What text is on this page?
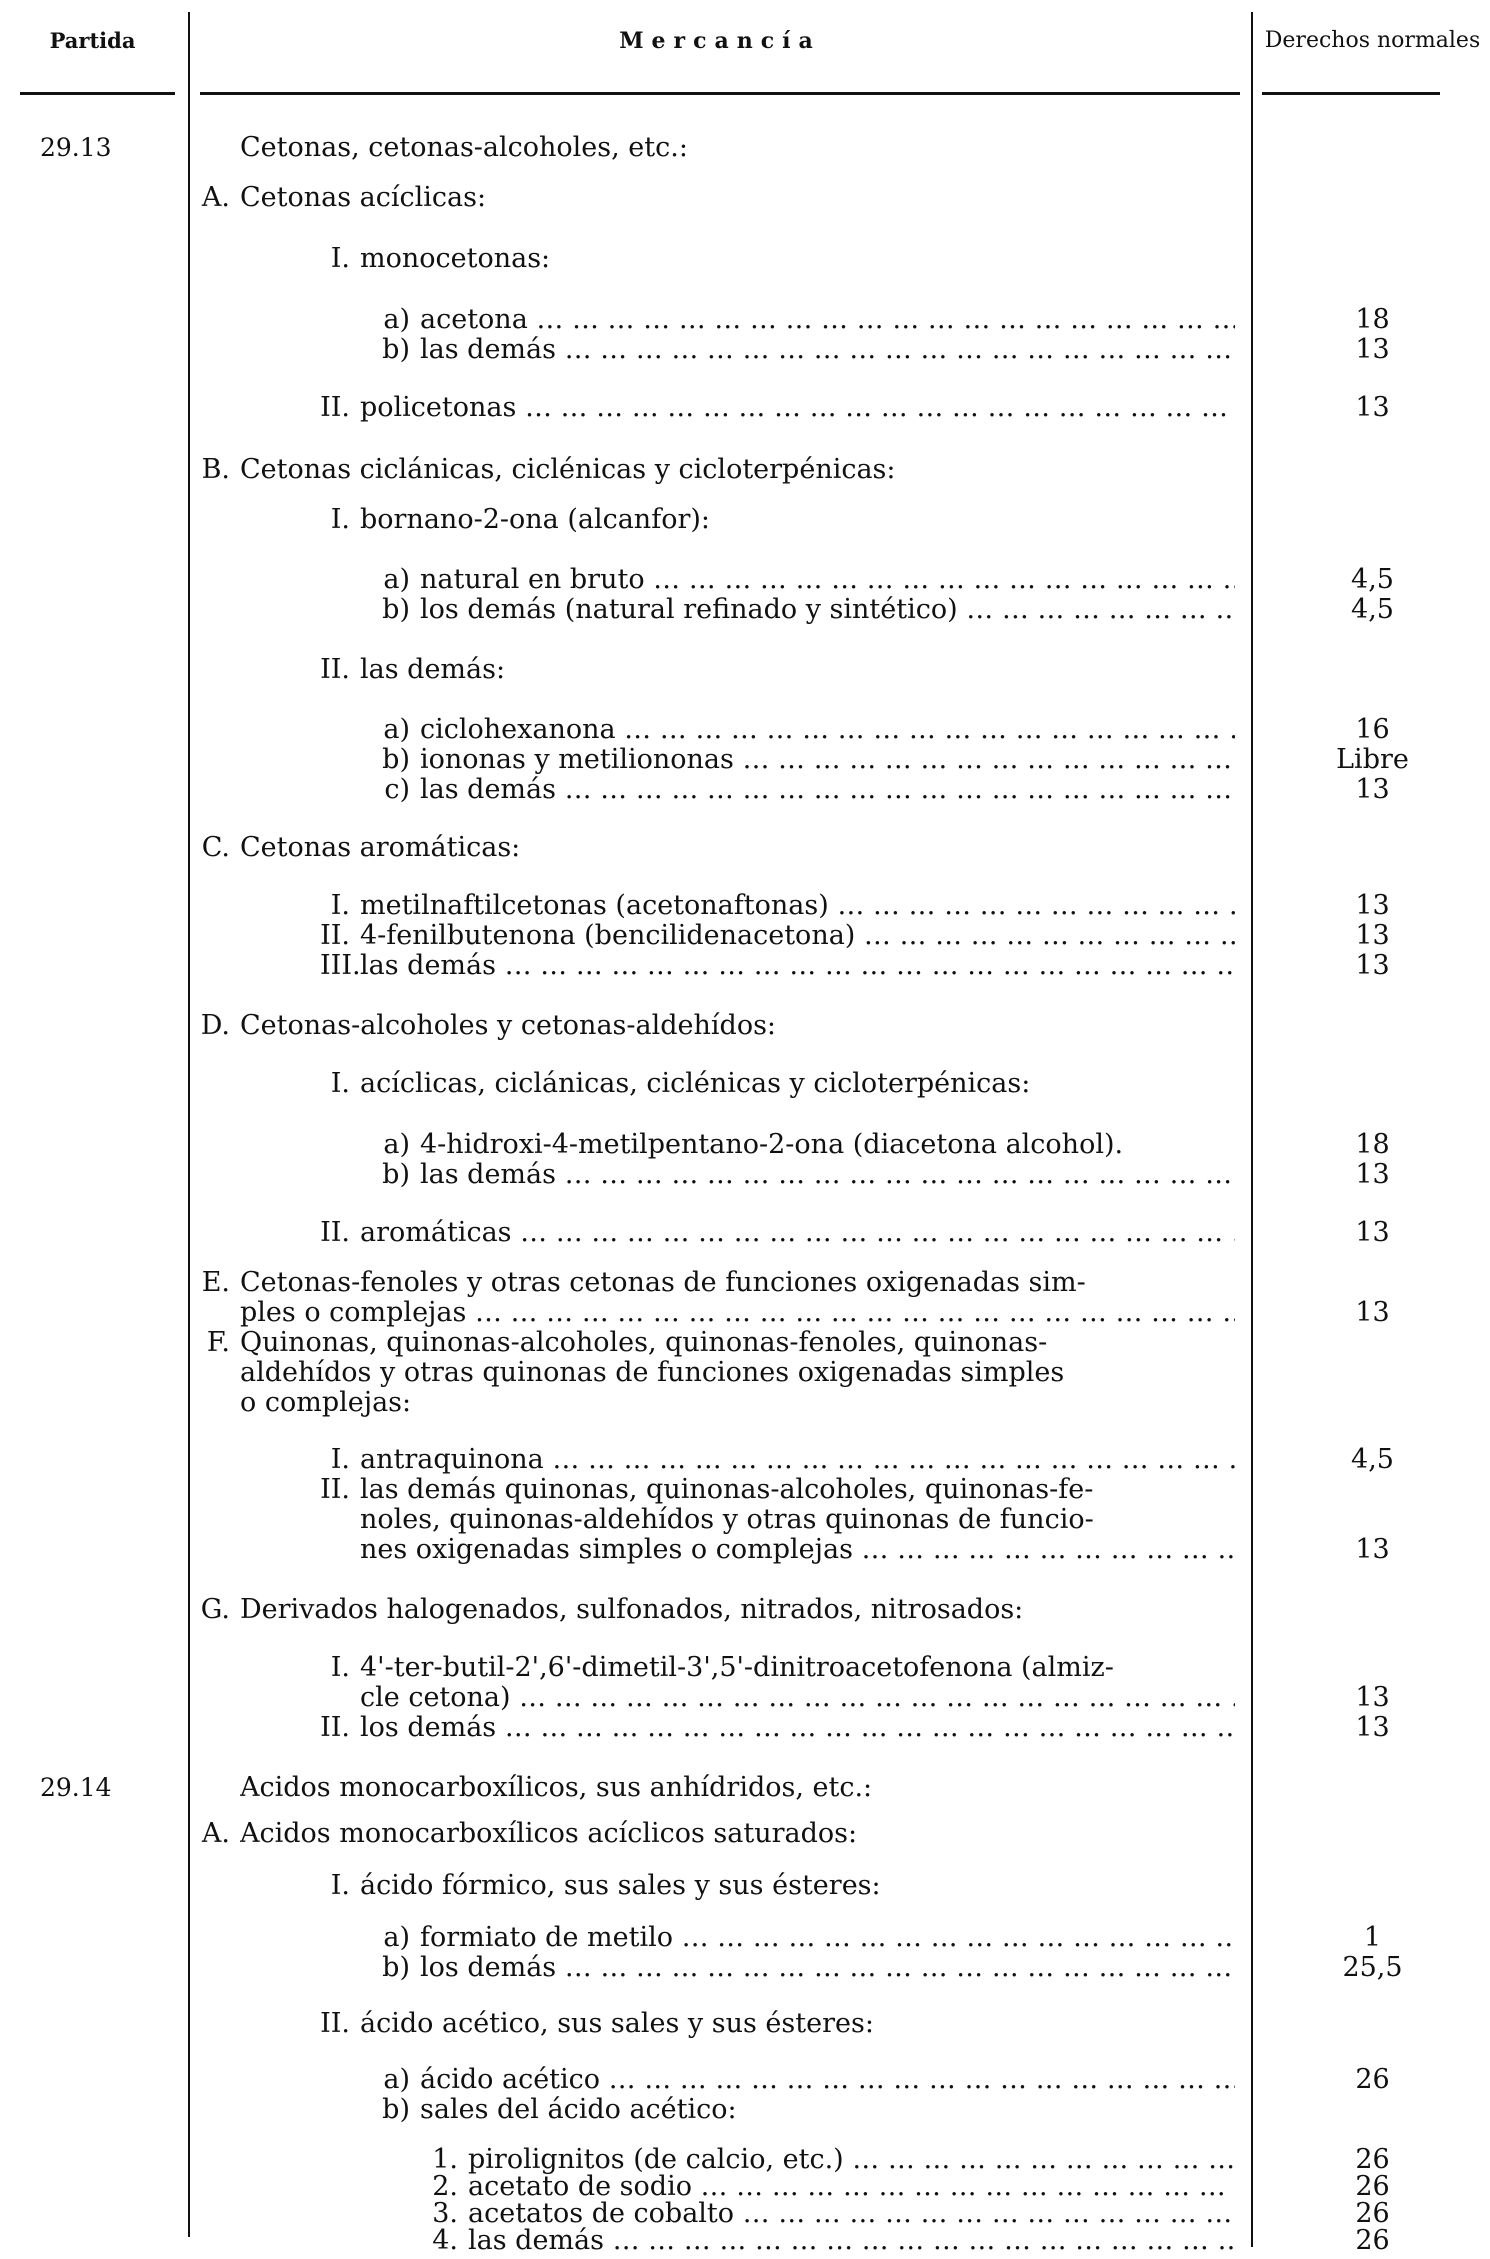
Partida	Mercancía	Derechos normales
29.13	Cetonas, cetonas-alcoholes, etc.:
A. Cetonas acíclicas:
I. monocetonas:
a) acetona … … … … … … … … … … … … … … … … … … … … … … … … … … … … … … … … … … … … … … … … … … … … … … … …	18
b) las demás … … … … … … … … … … … … … … … … … … … … … … … … … … … … … … … … … … … … … … … … … … … … … … … …	13
II. policetonas … … … … … … … … … … … … … … … … … … … … … … … … … … … … … … … … … … … … … … … … … … … … … … … …	13
B. Cetonas ciclánicas, ciclénicas y cicloterpénicas:
I. bornano-2-ona (alcanfor):
a) natural en bruto … … … … … … … … … … … … … … … … … … … … … … … … … … … … … … … … … … … … … … … … … … … … … … … …	4,5
b) los demás (natural refinado y sintético) … … … … … … … … … … … … … … … … … … … … … … … … … … … … … … … … … … … … … … … … … … … … … … … …	4,5
II. las demás:
a) ciclohexanona … … … … … … … … … … … … … … … … … … … … … … … … … … … … … … … … … … … … … … … … … … … … … … … …	16
b) iononas y metiliononas … … … … … … … … … … … … … … … … … … … … … … … … … … … … … … … … … … … … … … … … … … … … … … … …	Libre
c) las demás … … … … … … … … … … … … … … … … … … … … … … … … … … … … … … … … … … … … … … … … … … … … … … … …	13
C. Cetonas aromáticas:
I. metilnaftilcetonas (acetonaftonas) … … … … … … … … … … … … … … … … … … … … … … … … … … … … … … … … … … … … … … … … … … … … … … … …	13
II. 4-fenilbutenona (bencilidenacetona) … … … … … … … … … … … … … … … … … … … … … … … … … … … … … … … … … … … … … … … … … … … … … … … …	13
III. las demás … … … … … … … … … … … … … … … … … … … … … … … … … … … … … … … … … … … … … … … … … … … … … … … …	13
D. Cetonas-alcoholes y cetonas-aldehídos:
I. acíclicas, ciclánicas, ciclénicas y cicloterpénicas:
a) 4-hidroxi-4-metilpentano-2-ona (diacetona alcohol).	18
b) las demás … … … … … … … … … … … … … … … … … … … … … … … … … … … … … … … … … … … … … … … … … … … … … … … …	13
II. aromáticas … … … … … … … … … … … … … … … … … … … … … … … … … … … … … … … … … … … … … … … … … … … … … … … …	13
E. Cetonas-fenoles y otras cetonas de funciones oxigenadas sim-
ples o complejas … … … … … … … … … … … … … … … … … … … … … … … … … … … … … … … … … … … … … … … … … … … … … … … …	13
F. Quinonas, quinonas-alcoholes, quinonas-fenoles, quinonas-
aldehídos y otras quinonas de funciones oxigenadas simples
o complejas:
I. antraquinona … … … … … … … … … … … … … … … … … … … … … … … … … … … … … … … … … … … … … … … … … … … … … … … …	4,5
II. las demás quinonas, quinonas-alcoholes, quinonas-fe-
noles, quinonas-aldehídos y otras quinonas de funcio-
nes oxigenadas simples o complejas … … … … … … … … … … … … … … … … … … … … … … … … … … … … … … … … … … … … … … … … … … … … … … … …	13
G. Derivados halogenados, sulfonados, nitrados, nitrosados:
I. 4'-ter-butil-2',6'-dimetil-3',5'-dinitroacetofenona (almiz-
cle cetona) … … … … … … … … … … … … … … … … … … … … … … … … … … … … … … … … … … … … … … … … … … … … … … … …	13
II. los demás … … … … … … … … … … … … … … … … … … … … … … … … … … … … … … … … … … … … … … … … … … … … … … … …	13
29.14	Acidos monocarboxílicos, sus anhídridos, etc.:
A. Acidos monocarboxílicos acíclicos saturados:
I. ácido fórmico, sus sales y sus ésteres:
a) formiato de metilo … … … … … … … … … … … … … … … … … … … … … … … … … … … … … … … … … … … … … … … … … … … … … … … …	1
b) los demás … … … … … … … … … … … … … … … … … … … … … … … … … … … … … … … … … … … … … … … … … … … … … … … …	25,5
II. ácido acético, sus sales y sus ésteres:
a) ácido acético … … … … … … … … … … … … … … … … … … … … … … … … … … … … … … … … … … … … … … … … … … … … … … … …	26
b) sales del ácido acético:
1. pirolignitos (de calcio, etc.) … … … … … … … … … … … … … … … … … … … … … … … … … … … … … … … … … … … … … … … … … … … … … … … …	26
2. acetato de sodio … … … … … … … … … … … … … … … … … … … … … … … … … … … … … … … … … … … … … … … … … … … … … … … …	26
3. acetatos de cobalto … … … … … … … … … … … … … … … … … … … … … … … … … … … … … … … … … … … … … … … … … … … … … … … …	26
4. las demás … … … … … … … … … … … … … … … … … … … … … … … … … … … … … … … … … … … … … … … … … … … … … … … …	26
